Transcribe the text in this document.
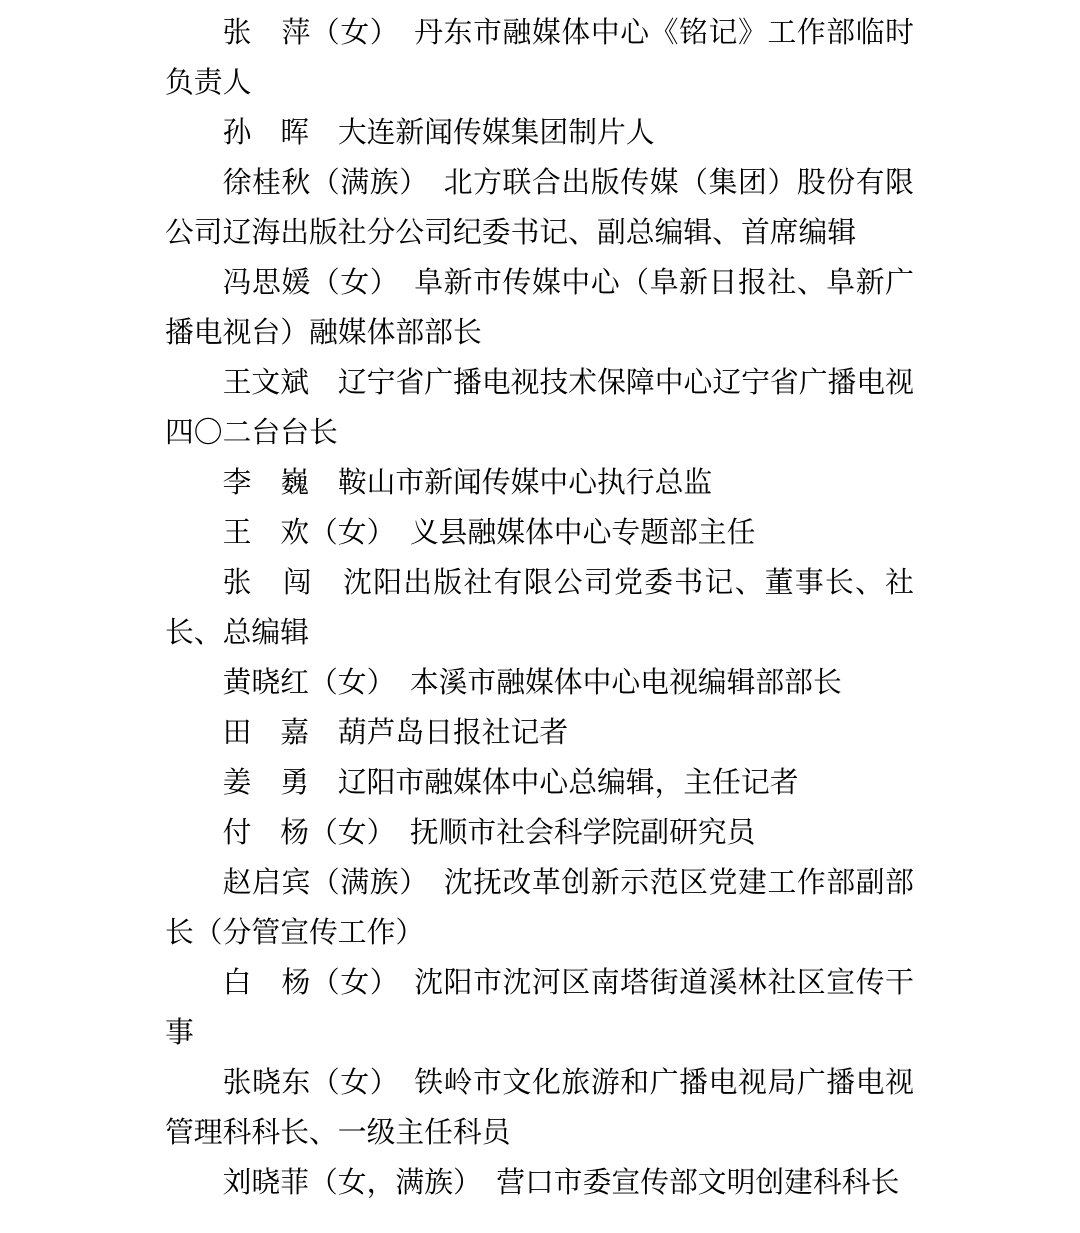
张　萍（女）　 丹东市融媒体中心《铭记》工作部临时负责人

孙　晖　 大连新闻传媒集团制片人

徐桂秋（满族）　 北方联合出版传媒（集团）股份有限公司辽海出版社分公司纪委书记、副总编辑、首席编辑

冯思媛（女）　 阜新市传媒中心（阜新日报社、阜新广播电视台）融媒体部部长

王文斌　 辽宁省广播电视技术保障中心辽宁省广播电视四〇二台台长

李　巍　 鞍山市新闻传媒中心执行总监

王　欢（女）　 义县融媒体中心专题部主任

张　闯　 沈阳出版社有限公司党委书记、董事长、社长、总编辑

黄晓红（女）　 本溪市融媒体中心电视编辑部部长

田　嘉　 葫芦岛日报社记者

姜　勇　 辽阳市融媒体中心总编辑，主任记者

付　杨（女）　 抚顺市社会科学院副研究员

赵启宾（满族）　 沈抚改革创新示范区党建工作部副部长（分管宣传工作）

白　杨（女）　 沈阳市沈河区南塔街道溪林社区宣传干事

张晓东（女）　 铁岭市文化旅游和广播电视局广播电视管理科科长、一级主任科员

刘晓菲（女，满族）　 营口市委宣传部文明创建科科长
